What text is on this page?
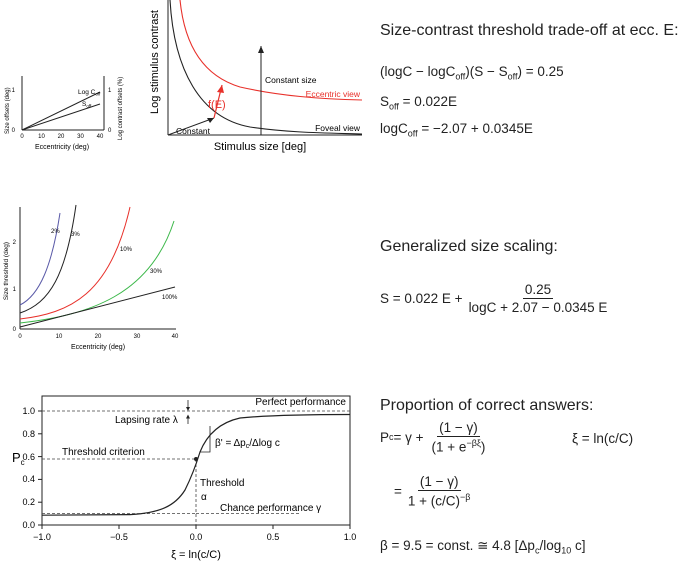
0
1
0
1
0 10 20 30 40
Eccentricity (deg)
Size offsets (deg)	Log contrast offsets (%)
Log $C_{off}$
$S_{off}$
Constant size
Eccentric view
Foveal view
Constant
f(E)
Stimulus size [deg]
Log stimulus contrast	Size-contrast threshold trade-off at ecc. E:
$(\log C - \log C_{off})(S - S_{off}) = 0.25$
$S_{off} = 0.022E$
logC$_{off}$ = −2.07 + 0.0345E
2% 3%
10%
30%
100%
0
1
2
0	10	20	30	40
Eccentricity (deg)
Size threshold (deg)	Generalized size scaling:
S = 0.022 $E + \frac{0.25}{\log C + 2.07 - 0.0345 E}$
0.0
0.2
0.4
0.6
0.8
1.0
−1.0	−0.5	0.0	0.5	1.0
ξ = ln(c/C)
$P_c$
Perfect performance
Lapsing rate λ
$\beta' = \Delta p_c$/Δlog c
Threshold criterion
Threshold
α
Chance performance γ
Proportion of correct answers:
P $c = \gamma + \frac{(1 - \gamma)}{(1 + e^{-\beta\xi})}$	ξ = ln(c/C)
= $\frac{(1 - \gamma)}{1 + (c/C)^{-\beta}}$
β = 9.5 = const. ≅ 4.8 [$\Delta p_c/\log_{10}$ c]
